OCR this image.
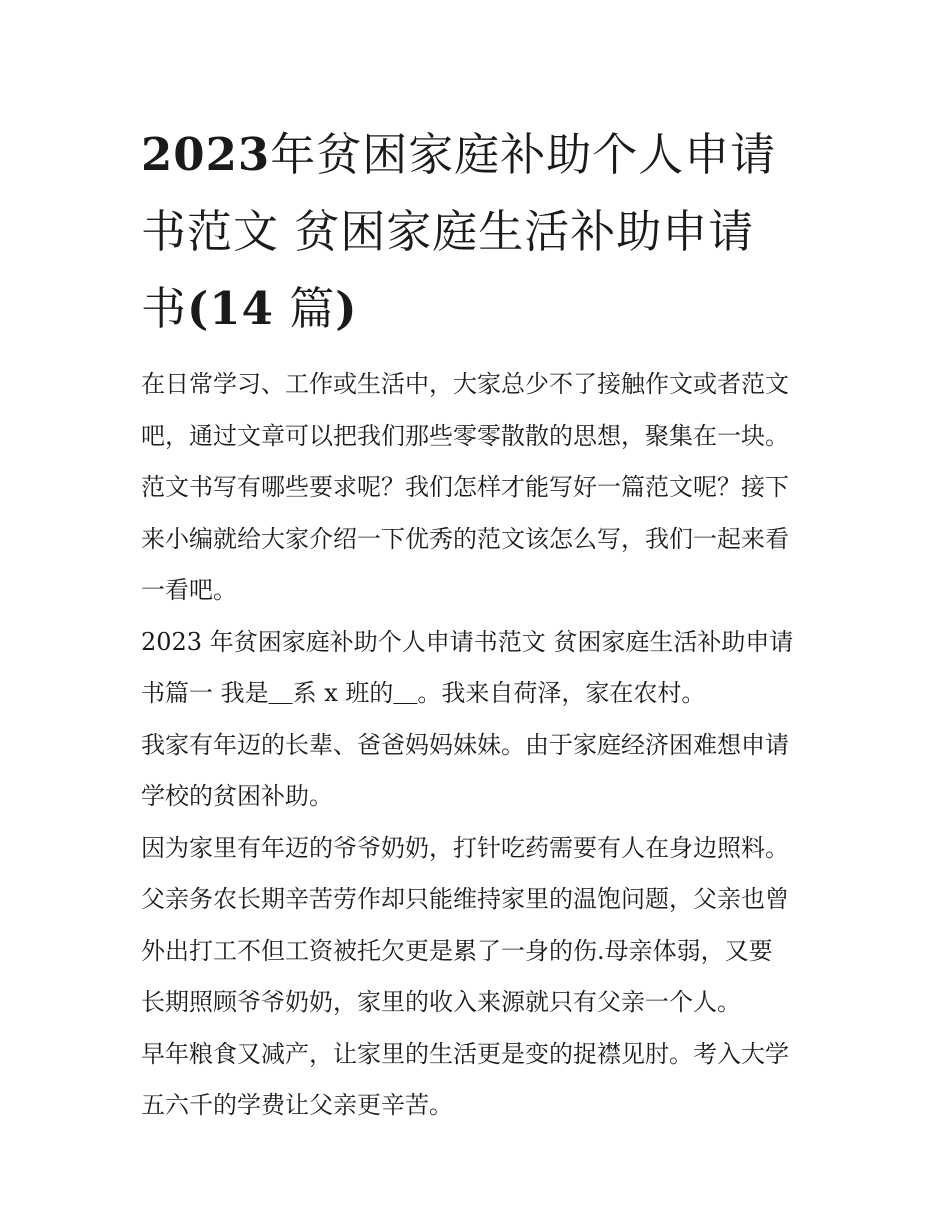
2023年贫困家庭补助个人申请
书范文 贫困家庭生活补助申请
书(14 篇)

在日常学习、工作或生活中，大家总少不了接触作文或者范文
吧，通过文章可以把我们那些零零散散的思想，聚集在一块。
范文书写有哪些要求呢？我们怎样才能写好一篇范文呢？接下
来小编就给大家介绍一下优秀的范文该怎么写，我们一起来看
一看吧。

2023 年贫困家庭补助个人申请书范文 贫困家庭生活补助申请
书篇一 我是＿系 x 班的＿。我来自荷泽，家在农村。

我家有年迈的长辈、爸爸妈妈妹妹。由于家庭经济困难想申请
学校的贫困补助。

因为家里有年迈的爷爷奶奶，打针吃药需要有人在身边照料。
父亲务农长期辛苦劳作却只能维持家里的温饱问题，父亲也曾
外出打工不但工资被托欠更是累了一身的伤.母亲体弱，又要
长期照顾爷爷奶奶，家里的收入来源就只有父亲一个人。

早年粮食又减产，让家里的生活更是变的捉襟见肘。考入大学
五六千的学费让父亲更辛苦。
